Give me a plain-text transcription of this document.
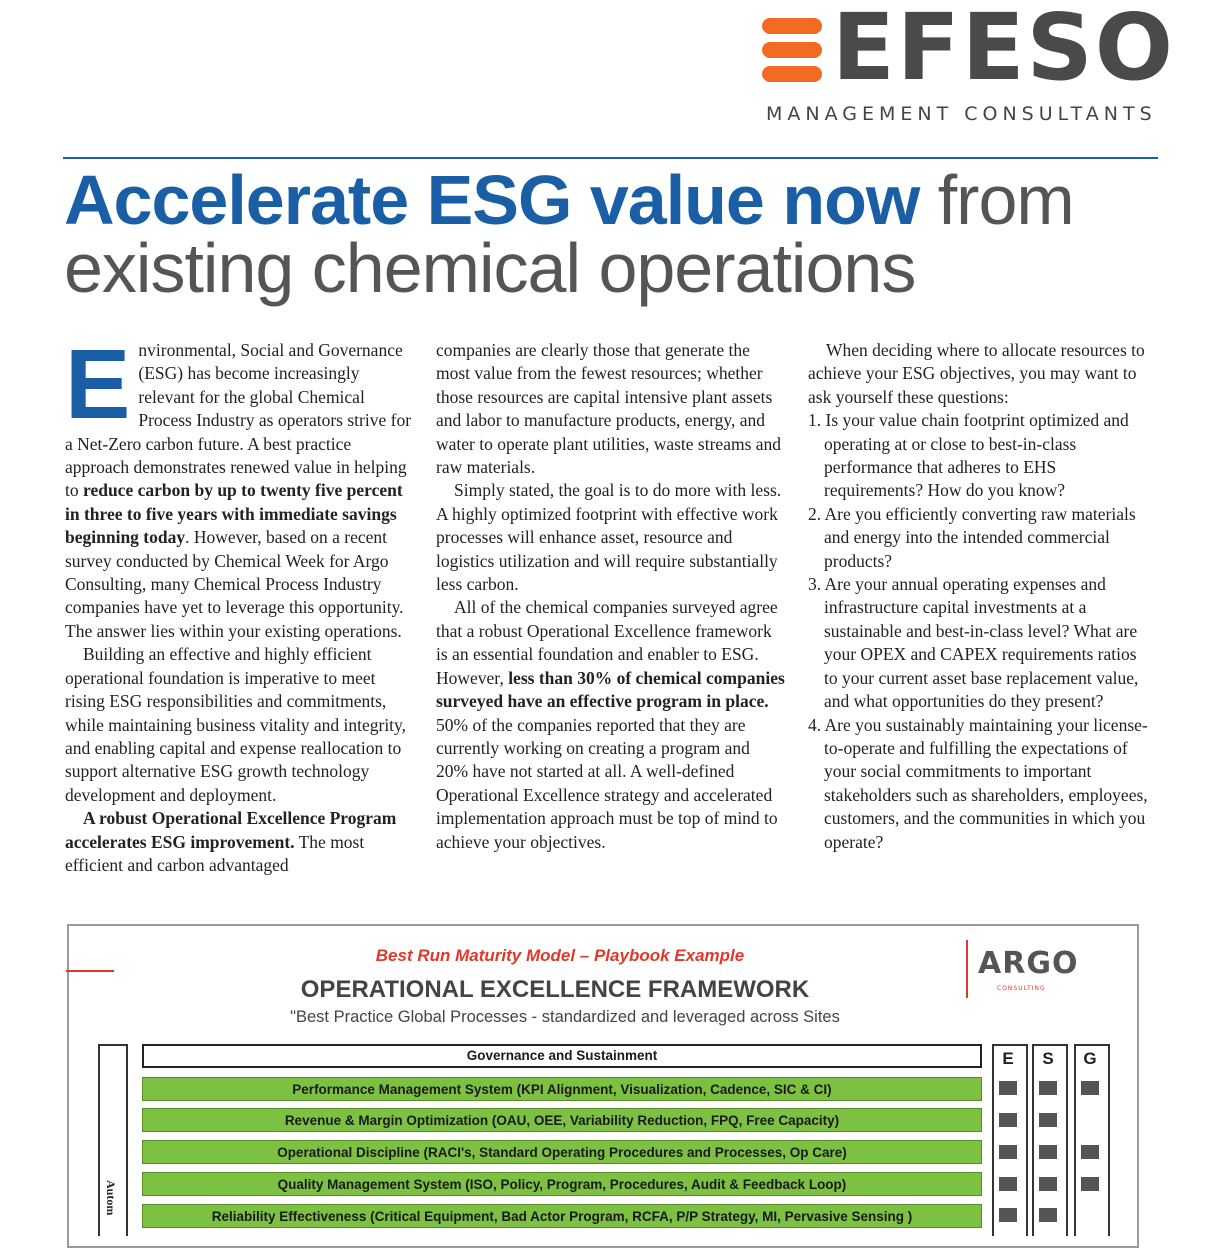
EFESO
MANAGEMENT CONSULTANTS
Accelerate ESG value now from
existing chemical operations

Environmental, Social and Governance (ESG) has become increasingly relevant for the global Chemical Process Industry as operators strive for a Net-Zero carbon future. A best practice approach demonstrates renewed value in helping to reduce carbon by up to twenty five percent in three to five years with immediate savings beginning today. However, based on a recent survey conducted by Chemical Week for Argo Consulting, many Chemical Process Industry companies have yet to leverage this opportunity. The answer lies within your existing operations.

Building an effective and highly efficient operational foundation is imperative to meet rising ESG responsibilities and commitments, while maintaining business vitality and integrity, and enabling capital and expense reallocation to support alternative ESG growth technology development and deployment.

A robust Operational Excellence Program accelerates ESG improvement. The most efficient and carbon advantaged

companies are clearly those that generate the most value from the fewest resources; whether those resources are capital intensive plant assets and labor to manufacture products, energy, and water to operate plant utilities, waste streams and raw materials.

Simply stated, the goal is to do more with less. A highly optimized footprint with effective work processes will enhance asset, resource and logistics utilization and will require substantially less carbon.

All of the chemical companies surveyed agree that a robust Operational Excellence framework is an essential foundation and enabler to ESG. However, less than 30% of chemical companies surveyed have an effective program in place. 50% of the companies reported that they are currently working on creating a program and 20% have not started at all. A well-defined Operational Excellence strategy and accelerated implementation approach must be top of mind to achieve your objectives.

When deciding where to allocate resources to achieve your ESG objectives, you may want to ask yourself these questions:

1. Is your value chain footprint optimized and operating at or close to best-in-class performance that adheres to EHS requirements? How do you know?
2. Are you efficiently converting raw materials and energy into the intended commercial products?
3. Are your annual operating expenses and infrastructure capital investments at a sustainable and best-in-class level? What are your OPEX and CAPEX requirements ratios to your current asset base replacement value, and what opportunities do they present?
4. Are you sustainably maintaining your license-to-operate and fulfilling the expectations of your social commitments to important stakeholders such as shareholders, employees, customers, and the communities in which you operate?
Best Run Maturity Model – Playbook Example
OPERATIONAL EXCELLENCE FRAMEWORK
"Best Practice Global Processes - standardized and leveraged across Sites
ARGO
CONSULTING
Autom
Governance and Sustainment
Performance Management System (KPI Alignment, Visualization, Cadence, SIC & CI)
Revenue & Margin Optimization (OAU, OEE, Variability Reduction, FPQ, Free Capacity)
Operational Discipline (RACI's, Standard Operating Procedures and Processes, Op Care)
Quality Management System (ISO, Policy, Program, Procedures, Audit & Feedback Loop)
Reliability Effectiveness (Critical Equipment, Bad Actor Program, RCFA, P/P Strategy, MI, Pervasive Sensing )
E	S	G
